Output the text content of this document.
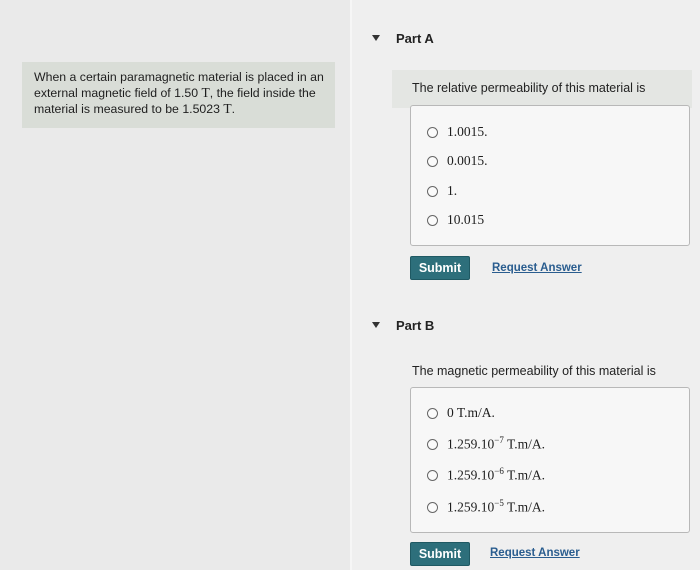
When a certain paramagnetic material is placed in an
external magnetic field of 1.50 T, the field inside the
material is measured to be 1.5023 T.
Part A
The relative permeability of this material is
1.0015.
0.0015.
1.
10.015
Submit	Request Answer
Part B
The magnetic permeability of this material is
0 T.m/A.
$1.259.10^{-7}$ T.m/A.
$1.259.10^{-6}$ T.m/A.
$1.259.10^{-5}$ T.m/A.
Submit	Request Answer
